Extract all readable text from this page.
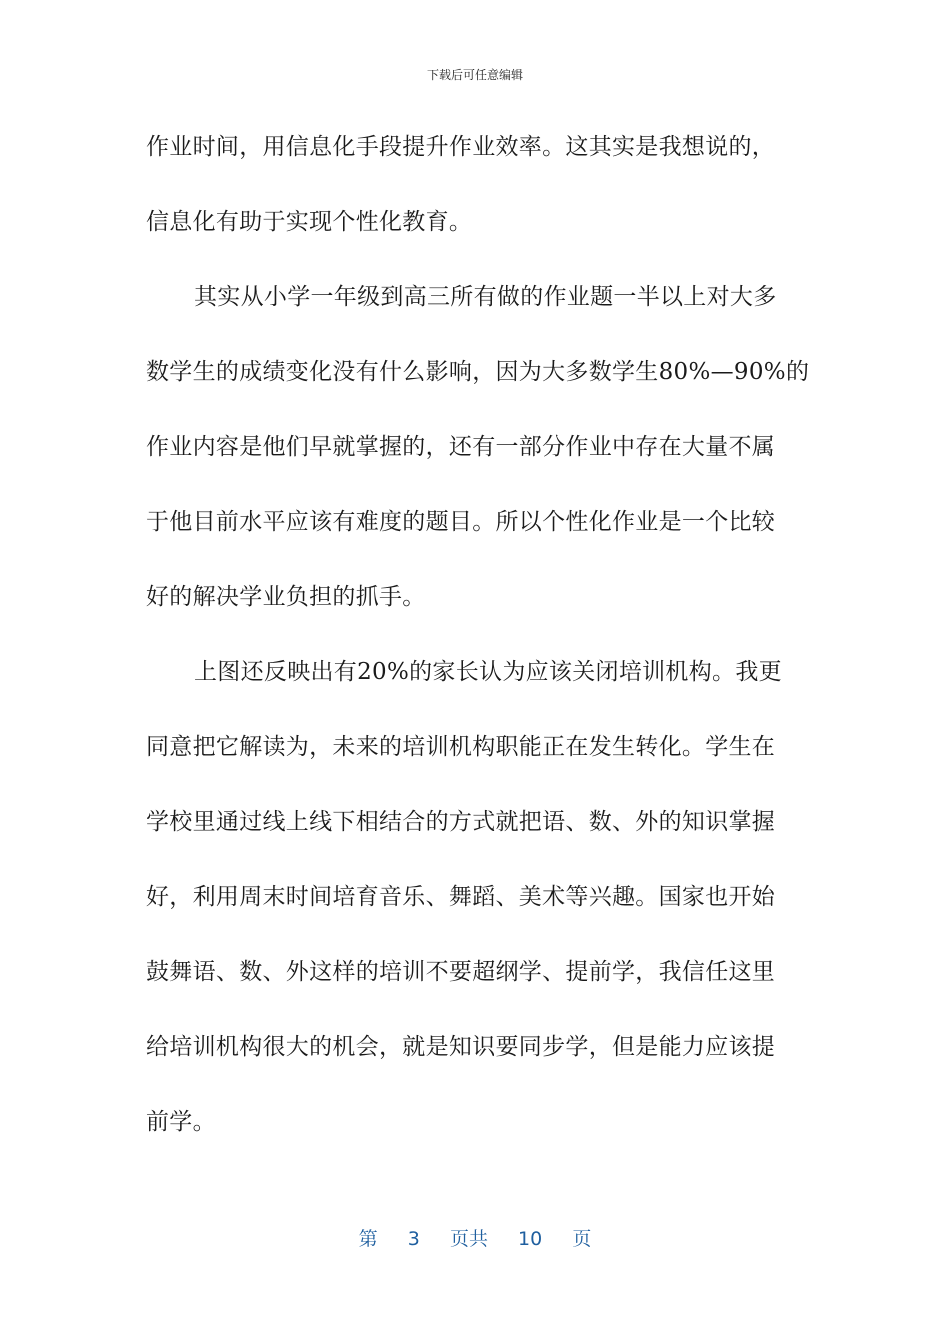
下载后可任意编辑
作业时间，用信息化手段提升作业效率。这其实是我想说的，
信息化有助于实现个性化教育。
其实从小学一年级到高三所有做的作业题一半以上对大多
数学生的成绩变化没有什么影响，因为大多数学生80%—90%的
作业内容是他们早就掌握的，还有一部分作业中存在大量不属
于他目前水平应该有难度的题目。所以个性化作业是一个比较
好的解决学业负担的抓手。
上图还反映出有20%的家长认为应该关闭培训机构。我更
同意把它解读为，未来的培训机构职能正在发生转化。学生在
学校里通过线上线下相结合的方式就把语、数、外的知识掌握
好，利用周末时间培育音乐、舞蹈、美术等兴趣。国家也开始
鼓舞语、数、外这样的培训不要超纲学、提前学，我信任这里
给培训机构很大的机会，就是知识要同步学，但是能力应该提
前学。
第 3 页共 10 页
